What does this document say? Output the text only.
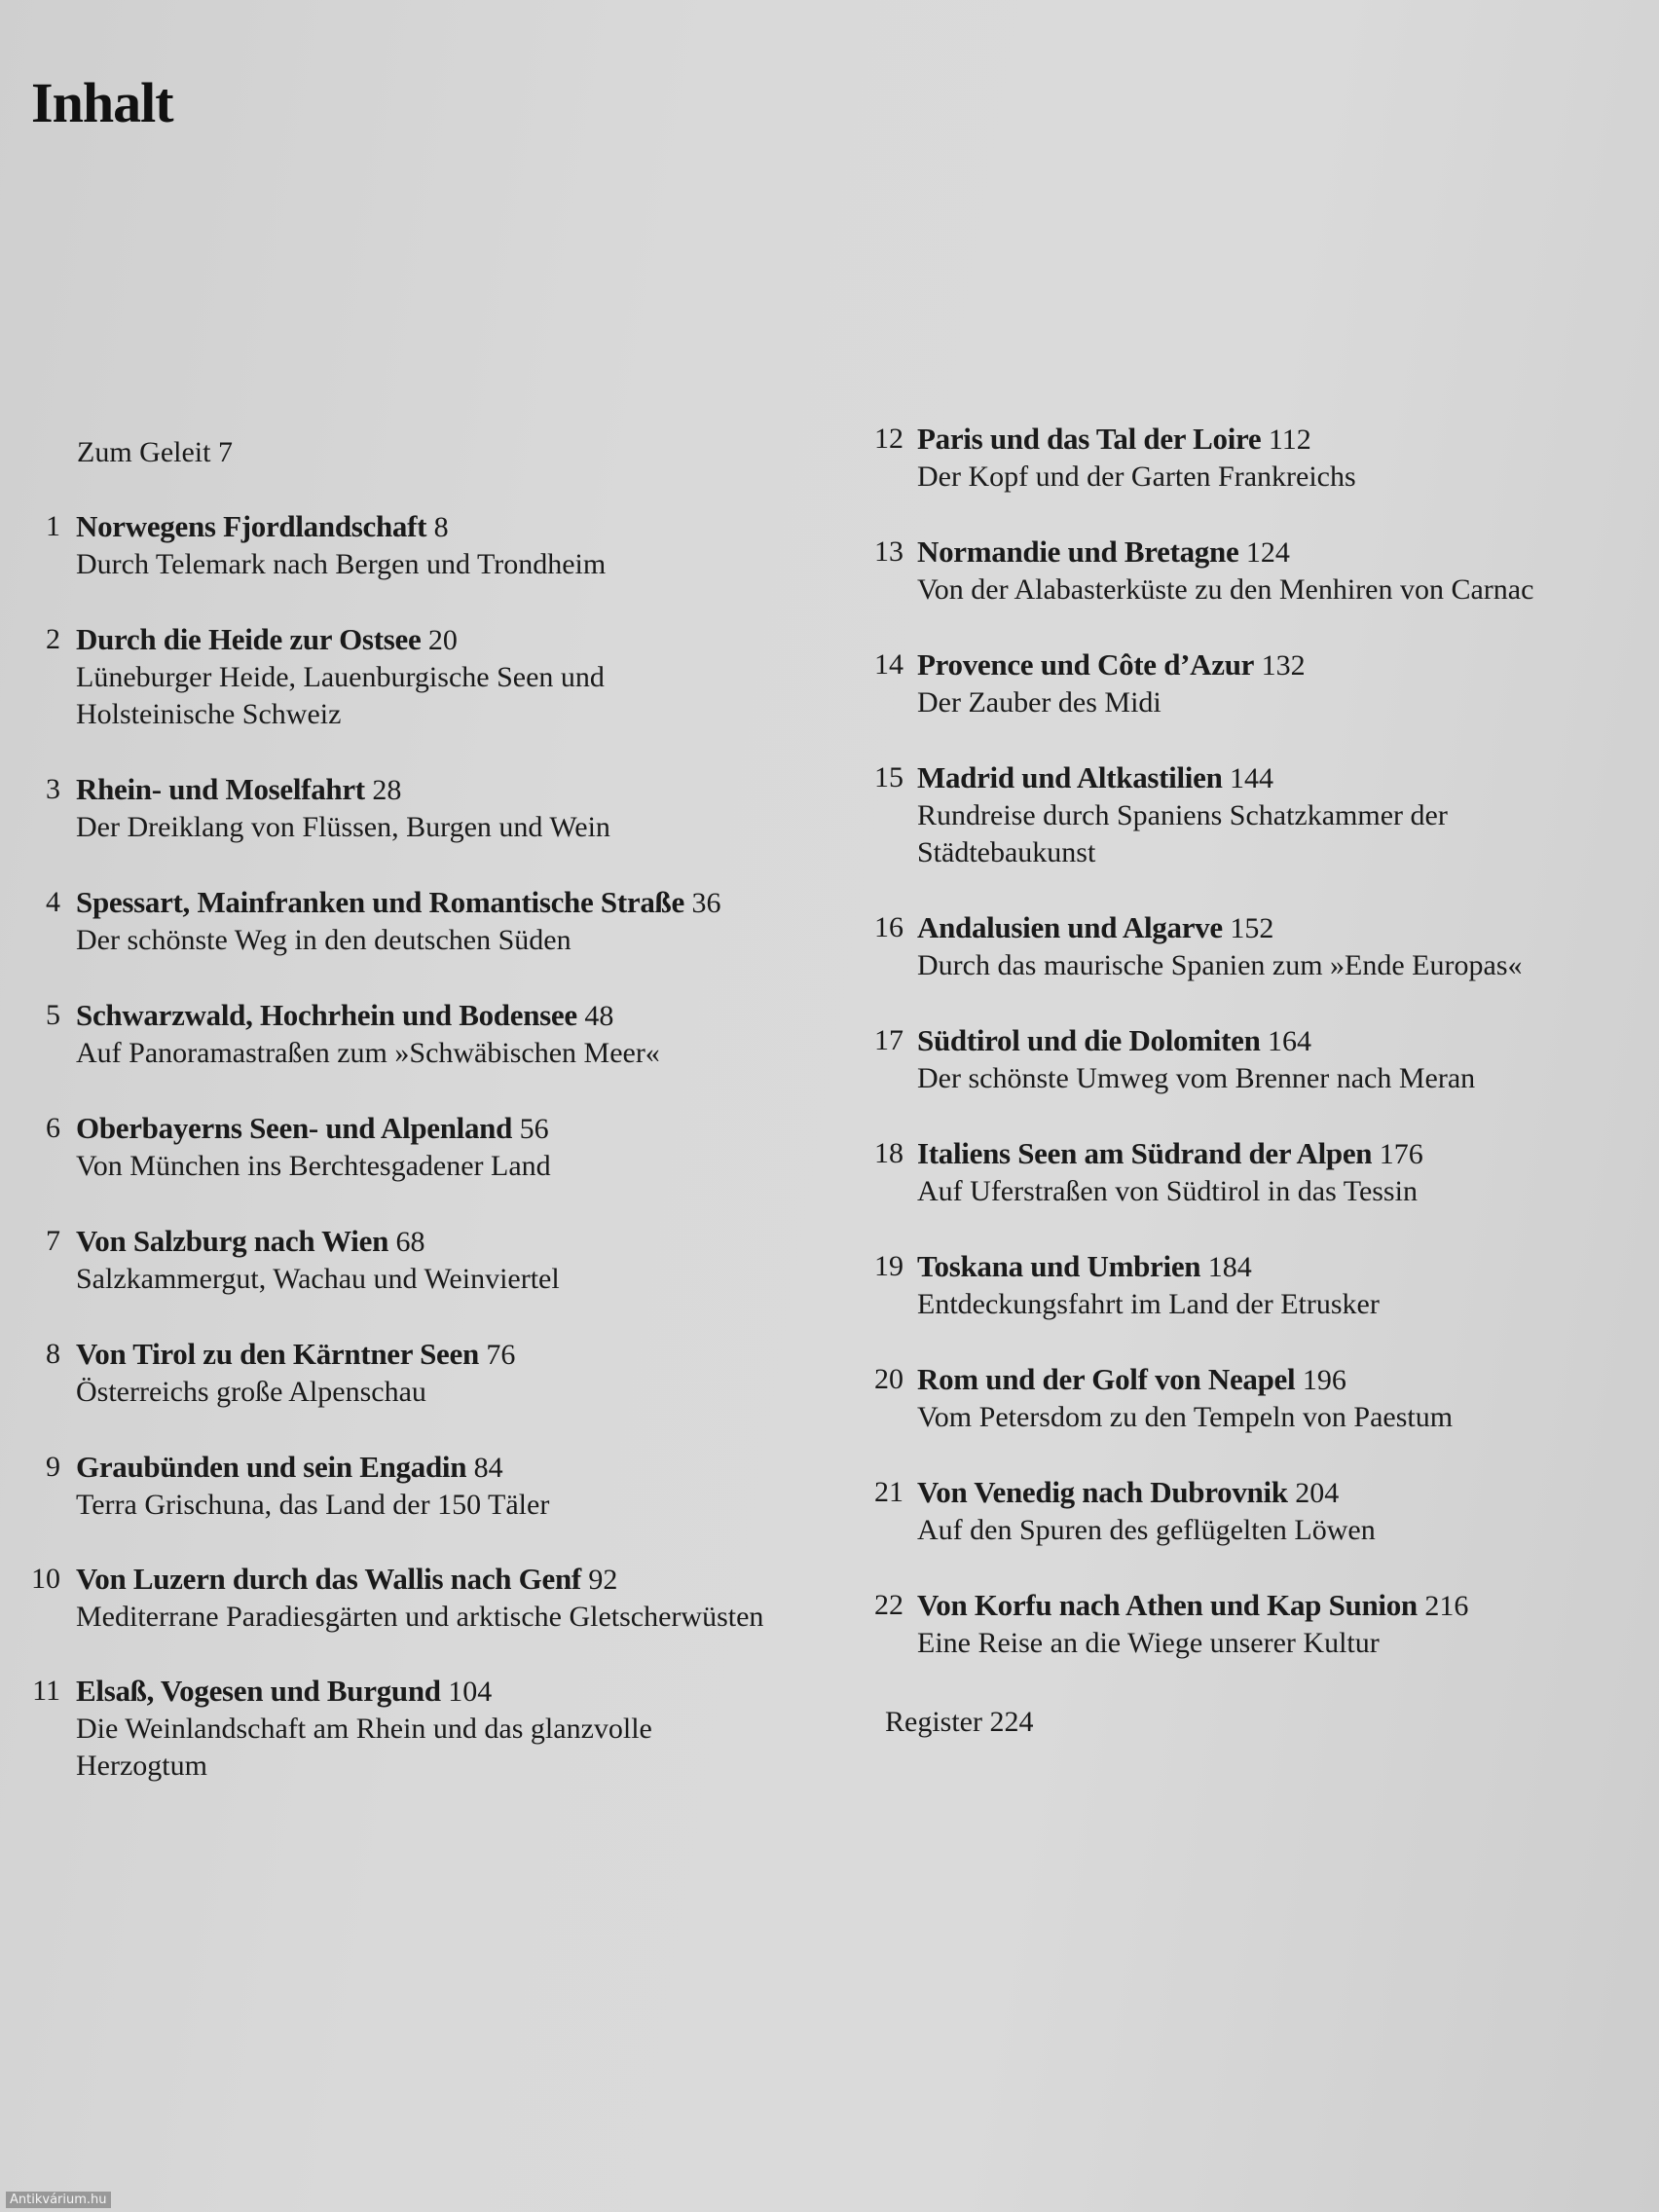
Inhalt
Zum Geleit 7
1 Norwegens Fjordlandschaft 8
Durch Telemark nach Bergen und Trondheim
2 Durch die Heide zur Ostsee 20
Lüneburger Heide, Lauenburgische Seen und
Holsteinische Schweiz
3 Rhein- und Moselfahrt 28
Der Dreiklang von Flüssen, Burgen und Wein
4 Spessart, Mainfranken und Romantische Straße 36
Der schönste Weg in den deutschen Süden
5 Schwarzwald, Hochrhein und Bodensee 48
Auf Panoramastraßen zum »Schwäbischen Meer«
6 Oberbayerns Seen- und Alpenland 56
Von München ins Berchtesgadener Land
7 Von Salzburg nach Wien 68
Salzkammergut, Wachau und Weinviertel
8 Von Tirol zu den Kärntner Seen 76
Österreichs große Alpenschau
9 Graubünden und sein Engadin 84
Terra Grischuna, das Land der 150 Täler
10 Von Luzern durch das Wallis nach Genf 92
Mediterrane Paradiesgärten und arktische Gletscherwüsten
11 Elsaß, Vogesen und Burgund 104
Die Weinlandschaft am Rhein und das glanzvolle
Herzogtum
12 Paris und das Tal der Loire 112
Der Kopf und der Garten Frankreichs
13 Normandie und Bretagne 124
Von der Alabasterküste zu den Menhiren von Carnac
14 Provence und Côte d’Azur 132
Der Zauber des Midi
15 Madrid und Altkastilien 144
Rundreise durch Spaniens Schatzkammer der
Städtebaukunst
16 Andalusien und Algarve 152
Durch das maurische Spanien zum »Ende Europas«
17 Südtirol und die Dolomiten 164
Der schönste Umweg vom Brenner nach Meran
18 Italiens Seen am Südrand der Alpen 176
Auf Uferstraßen von Südtirol in das Tessin
19 Toskana und Umbrien 184
Entdeckungsfahrt im Land der Etrusker
20 Rom und der Golf von Neapel 196
Vom Petersdom zu den Tempeln von Paestum
21 Von Venedig nach Dubrovnik 204
Auf den Spuren des geflügelten Löwen
22 Von Korfu nach Athen und Kap Sunion 216
Eine Reise an die Wiege unserer Kultur
Register 224
Antikvárium.hu
